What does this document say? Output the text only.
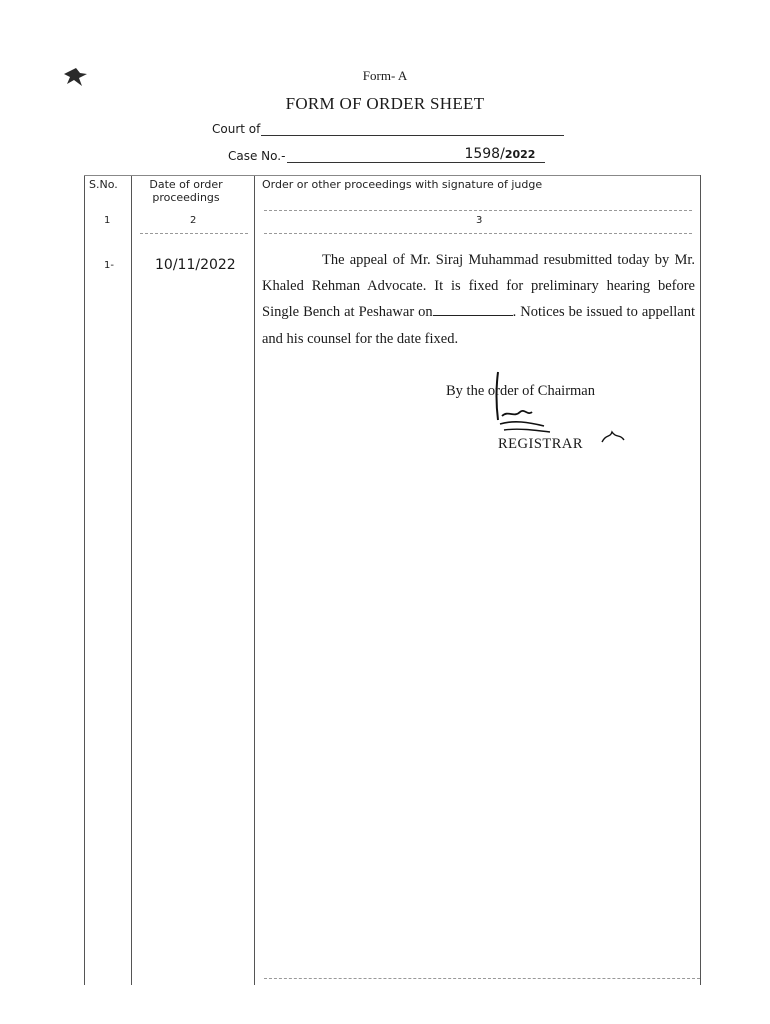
Form- A
FORM OF ORDER SHEET
Court of
Case No.-	1598/2022
S.No.	Date of order proceedings
Order or other proceedings with signature of judge
1	2	3
1-	10/11/2022	The appeal of Mr. Siraj Muhammad resubmitted today by Mr. Khaled Rehman Advocate. It is fixed for preliminary hearing before Single Bench at Peshawar on	. Notices be issued to appellant and his counsel for the date fixed.
By the order of Chairman
REGISTRAR
